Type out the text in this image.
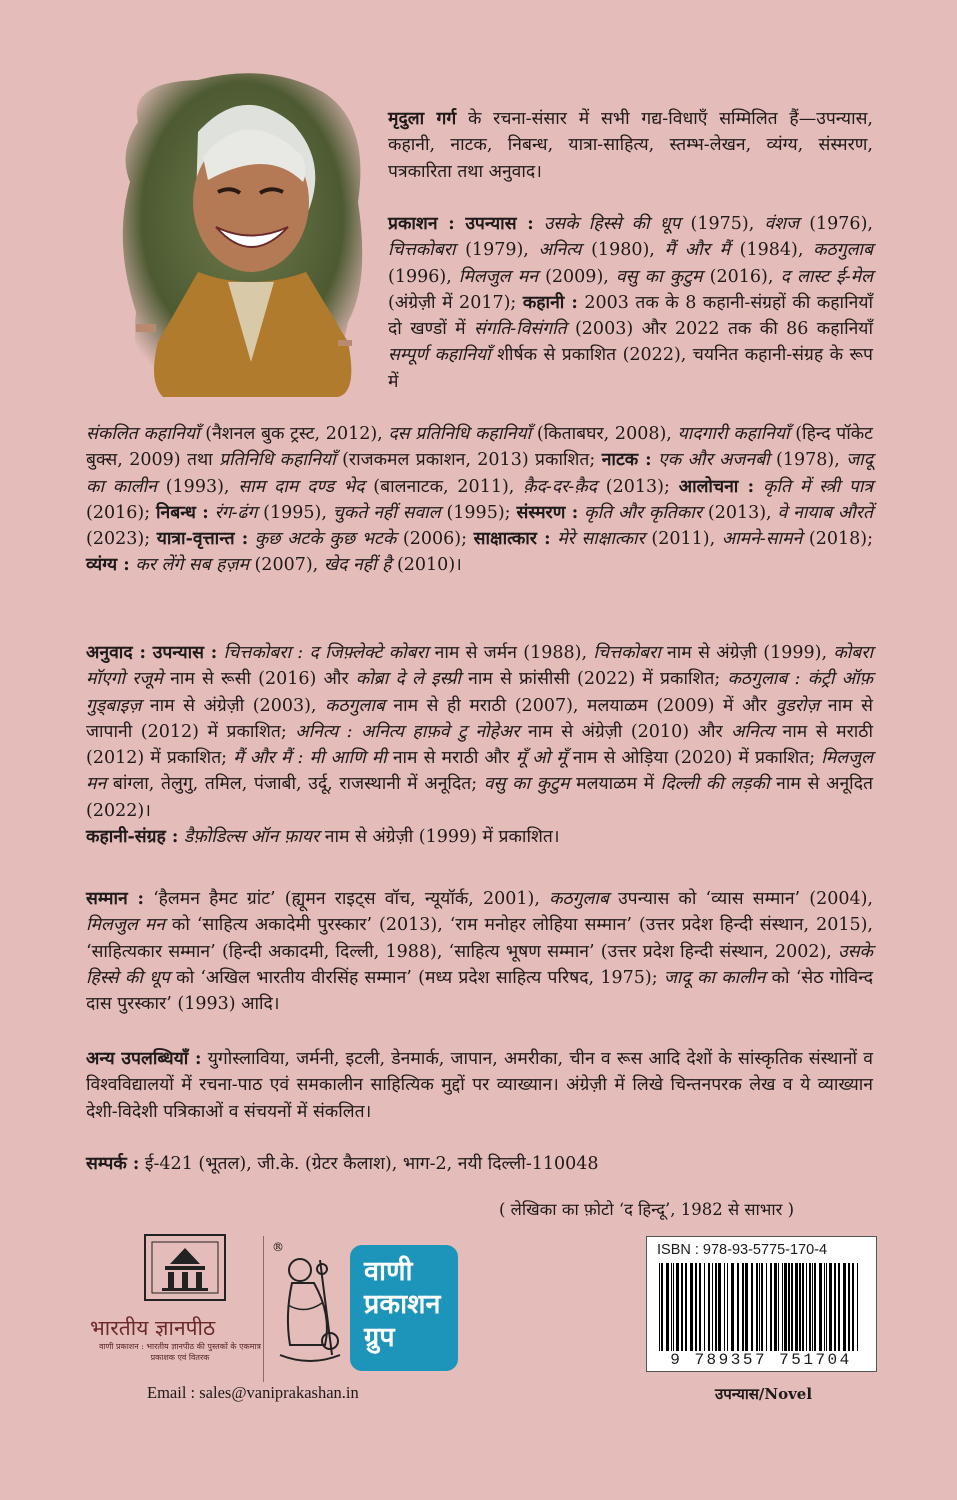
मृदुला गर्ग के रचना-संसार में सभी गद्य-विधाएँ सम्मिलित हैं—उपन्यास, कहानी, नाटक, निबन्ध, यात्रा-साहित्य, स्तम्भ-लेखन, व्यंग्य, संस्मरण, पत्रकारिता तथा अनुवाद।

प्रकाशन : उपन्यास : उसके हिस्से की धूप (1975), वंशज (1976), चित्तकोबरा (1979), अनित्य (1980), मैं और मैं (1984), कठगुलाब (1996), मिलजुल मन (2009), वसु का कुटुम (2016), द लास्ट ई-मेल (अंग्रेज़ी में 2017); कहानी : 2003 तक के 8 कहानी-संग्रहों की कहानियाँ दो खण्डों में संगति-विसंगति (2003) और 2022 तक की 86 कहानियाँ सम्पूर्ण कहानियाँ शीर्षक से प्रकाशित (2022), चयनित कहानी-संग्रह के रूप में

संकलित कहानियाँ (नैशनल बुक ट्रस्ट, 2012), दस प्रतिनिधि कहानियाँ (किताबघर, 2008), यादगारी कहानियाँ (हिन्द पॉकेट बुक्स, 2009) तथा प्रतिनिधि कहानियाँ (राजकमल प्रकाशन, 2013) प्रकाशित; नाटक : एक और अजनबी (1978), जादू का कालीन (1993), साम दाम दण्ड भेद (बालनाटक, 2011), क़ैद-दर-क़ैद (2013); आलोचना : कृति में स्त्री पात्र (2016); निबन्ध : रंग-ढंग (1995), चुकते नहीं सवाल (1995); संस्मरण : कृति और कृतिकार (2013), वे नायाब औरतें (2023); यात्रा-वृत्तान्त : कुछ अटके कुछ भटके (2006); साक्षात्कार : मेरे साक्षात्कार (2011), आमने-सामने (2018); व्यंग्य : कर लेंगे सब हज़म (2007), खेद नहीं है (2010)।

अनुवाद : उपन्यास : चित्तकोबरा : द जिफ़्लेक्टे कोबरा नाम से जर्मन (1988), चित्तकोबरा नाम से अंग्रेज़ी (1999), कोबरा मॉएगो रजूमे नाम से रूसी (2016) और कोब्रा दे ले इस्प्री नाम से फ्रांसीसी (2022) में प्रकाशित; कठगुलाब : कंट्री ऑफ़ गुड्बाइज़ नाम से अंग्रेज़ी (2003), कठगुलाब नाम से ही मराठी (2007), मलयाळम (2009) में और वुडरोज़ नाम से जापानी (2012) में प्रकाशित; अनित्य : अनित्य हाफ़वे टु नोहेअर नाम से अंग्रेज़ी (2010) और अनित्य नाम से मराठी (2012) में प्रकाशित; मैं और मैं : मी आणि मी नाम से मराठी और मूँ ओ मूँ नाम से ओड़िया (2020) में प्रकाशित; मिलजुल मन बांग्ला, तेलुगु, तमिल, पंजाबी, उर्दू, राजस्थानी में अनूदित; वसु का कुटुम मलयाळम में दिल्ली की लड़की नाम से अनूदित (2022)।

कहानी-संग्रह : डैफ़ोडिल्स ऑन फ़ायर नाम से अंग्रेज़ी (1999) में प्रकाशित।

सम्मान : ‘हैलमन हैमट ग्रांट’ (ह्यूमन राइट्स वॉच, न्यूयॉर्क, 2001), कठगुलाब उपन्यास को ‘व्यास सम्मान’ (2004), मिलजुल मन को ‘साहित्य अकादेमी पुरस्कार’ (2013), ‘राम मनोहर लोहिया सम्मान’ (उत्तर प्रदेश हिन्दी संस्थान, 2015), ‘साहित्यकार सम्मान’ (हिन्दी अकादमी, दिल्ली, 1988), ‘साहित्य भूषण सम्मान’ (उत्तर प्रदेश हिन्दी संस्थान, 2002), उसके हिस्से की धूप को ‘अखिल भारतीय वीरसिंह सम्मान’ (मध्य प्रदेश साहित्य परिषद, 1975); जादू का कालीन को ‘सेठ गोविन्द दास पुरस्कार’ (1993) आदि।

अन्य उपलब्धियाँ : युगोस्लाविया, जर्मनी, इटली, डेनमार्क, जापान, अमरीका, चीन व रूस आदि देशों के सांस्कृतिक संस्थानों व विश्वविद्यालयों में रचना-पाठ एवं समकालीन साहित्यिक मुद्दों पर व्याख्यान। अंग्रेज़ी में लिखे चिन्तनपरक लेख व ये व्याख्यान देशी-विदेशी पत्रिकाओं व संचयनों में संकलित।

सम्पर्क : ई-421 (भूतल), जी.के. (ग्रेटर कैलाश), भाग-2, नयी दिल्ली-110048

( लेखिका का फ़ोटो ‘द हिन्दू’, 1982 से साभार )
भारतीय ज्ञानपीठ
वाणी प्रकाशन : भारतीय ज्ञानपीठ की पुस्तकों के एकमात्र प्रकाशक एवं वितरक
®
वाणी
प्रकाशन
ग्रुप
Email : sales@vaniprakashan.in
ISBN : 978-93-5775-170-4
9 789357 751704
उपन्यास/Novel
